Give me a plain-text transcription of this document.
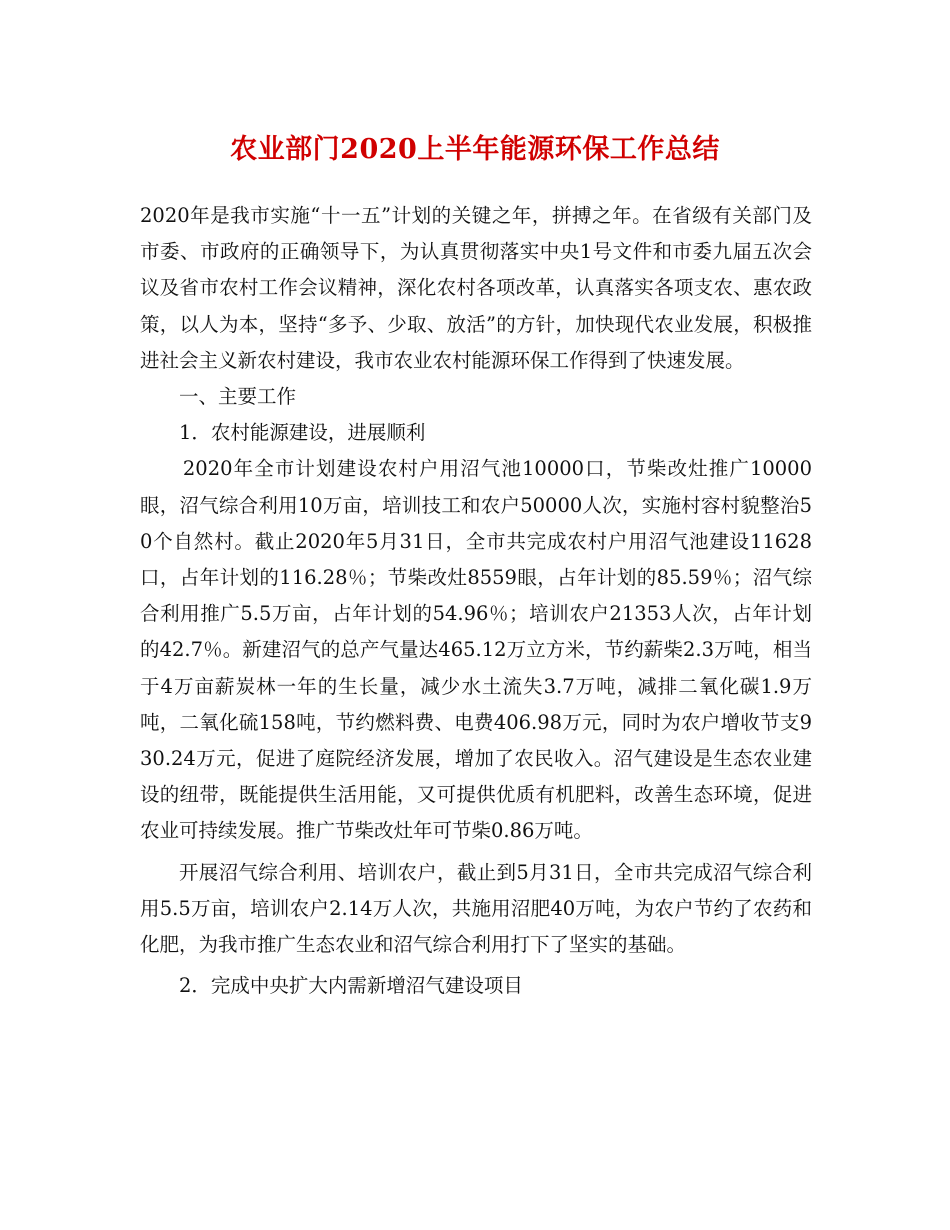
农业部门2020上半年能源环保工作总结

2020年是我市实施“十一五”计划的关键之年，拼搏之年。在省级有关部门及市委、市政府的正确领导下，为认真贯彻落实中央1号文件和市委九届五次会议及省市农村工作会议精神，深化农村各项改革，认真落实各项支农、惠农政策，以人为本，坚持“多予、少取、放活”的方针，加快现代农业发展，积极推进社会主义新农村建设，我市农业农村能源环保工作得到了快速发展。

一、主要工作

1．农村能源建设，进展顺利

2020年全市计划建设农村户用沼气池10000口，节柴改灶推广10000眼，沼气综合利用10万亩，培训技工和农户50000人次，实施村容村貌整治50个自然村。截止2020年5月31日，全市共完成农村户用沼气池建设11628口，占年计划的116.28％；节柴改灶8559眼，占年计划的85.59％；沼气综合利用推广5.5万亩，占年计划的54.96％；培训农户21353人次，占年计划的42.7％。新建沼气的总产气量达465.12万立方米，节约薪柴2.3万吨，相当于4万亩薪炭林一年的生长量，减少水土流失3.7万吨，减排二氧化碳1.9万吨，二氧化硫158吨，节约燃料费、电费406.98万元，同时为农户增收节支930.24万元，促进了庭院经济发展，增加了农民收入。沼气建设是生态农业建设的纽带，既能提供生活用能，又可提供优质有机肥料，改善生态环境，促进农业可持续发展。推广节柴改灶年可节柴0.86万吨。

开展沼气综合利用、培训农户，截止到5月31日，全市共完成沼气综合利用5.5万亩，培训农户2.14万人次，共施用沼肥40万吨，为农户节约了农药和化肥，为我市推广生态农业和沼气综合利用打下了坚实的基础。

2．完成中央扩大内需新增沼气建设项目
